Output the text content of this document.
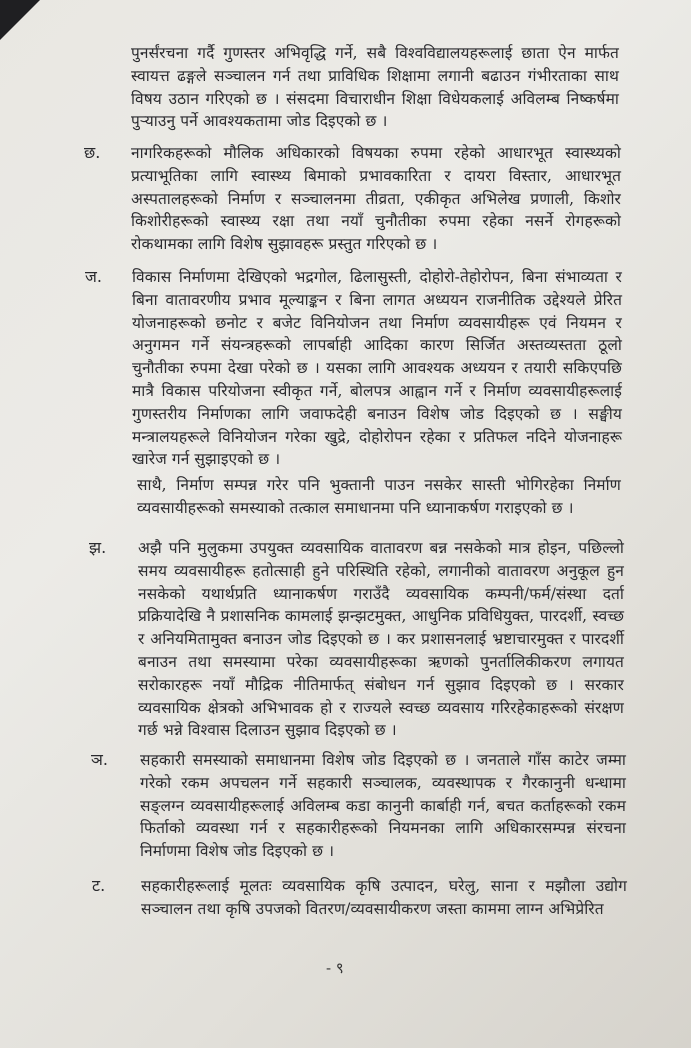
पुनर्संरचना गर्दै गुणस्तर अभिवृद्धि गर्ने, सबै विश्वविद्यालयहरूलाई छाता ऐन मार्फत स्वायत्त ढङ्गले सञ्चालन गर्न तथा प्राविधिक शिक्षामा लगानी बढाउन गंभीरताका साथ विषय उठान गरिएको छ । संसदमा विचाराधीन शिक्षा विधेयकलाई अविलम्ब निष्कर्षमा पुर्‍याउनु पर्ने आवश्यकतामा जोड दिइएको छ ।

छ. नागरिकहरूको मौलिक अधिकारको विषयका रुपमा रहेको आधारभूत स्वास्थ्यको प्रत्याभूतिका लागि स्वास्थ्य बिमाको प्रभावकारिता र दायरा विस्तार, आधारभूत अस्पतालहरूको निर्माण र सञ्चालनमा तीव्रता, एकीकृत अभिलेख प्रणाली, किशोर किशोरीहरूको स्वास्थ्य रक्षा तथा नयाँ चुनौतीका रुपमा रहेका नसर्ने रोगहरूको रोकथामका लागि विशेष सुझावहरू प्रस्तुत गरिएको छ ।

ज. विकास निर्माणमा देखिएको भद्रगोल, ढिलासुस्ती, दोहोरो-तेहोरोपन, बिना संभाव्यता र बिना वातावरणीय प्रभाव मूल्याङ्कन र बिना लागत अध्ययन राजनीतिक उद्देश्यले प्रेरित योजनाहरूको छनोट र बजेट विनियोजन तथा निर्माण व्यवसायीहरू एवं नियमन र अनुगमन गर्ने संयन्त्रहरूको लापर्बाही आदिका कारण सिर्जित अस्तव्यस्तता ठूलो चुनौतीका रुपमा देखा परेको छ । यसका लागि आवश्यक अध्ययन र तयारी सकिएपछि मात्रै विकास परियोजना स्वीकृत गर्ने, बोलपत्र आह्वान गर्ने र निर्माण व्यवसायीहरूलाई गुणस्तरीय निर्माणका लागि जवाफदेही बनाउन विशेष जोड दिइएको छ । सङ्घीय मन्त्रालयहरूले विनियोजन गरेका खुद्रे, दोहोरोपन रहेका र प्रतिफल नदिने योजनाहरू खारेज गर्न सुझाइएको छ ।

साथै, निर्माण सम्पन्न गरेर पनि भुक्तानी पाउन नसकेर सास्ती भोगिरहेका निर्माण व्यवसायीहरूको समस्याको तत्काल समाधानमा पनि ध्यानाकर्षण गराइएको छ ।

झ. अझै पनि मुलुकमा उपयुक्त व्यवसायिक वातावरण बन्न नसकेको मात्र होइन, पछिल्लो समय व्यवसायीहरू हतोत्साही हुने परिस्थिति रहेको, लगानीको वातावरण अनुकूल हुन नसकेको यथार्थप्रति ध्यानाकर्षण गराउँदै व्यवसायिक कम्पनी/फर्म/संस्था दर्ता प्रक्रियादेखि नै प्रशासनिक कामलाई झन्झटमुक्त, आधुनिक प्रविधियुक्त, पारदर्शी, स्वच्छ र अनियमितामुक्त बनाउन जोड दिइएको छ । कर प्रशासनलाई भ्रष्टाचारमुक्त र पारदर्शी बनाउन तथा समस्यामा परेका व्यवसायीहरूका ऋणको पुनर्तालिकीकरण लगायत सरोकारहरू नयाँ मौद्रिक नीतिमार्फत् संबोधन गर्न सुझाव दिइएको छ । सरकार व्यवसायिक क्षेत्रको अभिभावक हो र राज्यले स्वच्छ व्यवसाय गरिरहेकाहरूको संरक्षण गर्छ भन्ने विश्वास दिलाउन सुझाव दिइएको छ ।

ञ. सहकारी समस्याको समाधानमा विशेष जोड दिइएको छ । जनताले गाँस काटेर जम्मा गरेको रकम अपचलन गर्ने सहकारी सञ्चालक, व्यवस्थापक र गैरकानुनी धन्धामा सङ्लग्न व्यवसायीहरूलाई अविलम्ब कडा कानुनी कार्बाही गर्न, बचत कर्ताहरूको रकम फिर्ताको व्यवस्था गर्न र सहकारीहरूको नियमनका लागि अधिकारसम्पन्न संरचना निर्माणमा विशेष जोड दिइएको छ ।

ट. सहकारीहरूलाई मूलतः व्यवसायिक कृषि उत्पादन, घरेलु, साना र मझौला उद्योग सञ्चालन तथा कृषि उपजको वितरण/व्यवसायीकरण जस्ता काममा लाग्न अभिप्रेरित

- ९
